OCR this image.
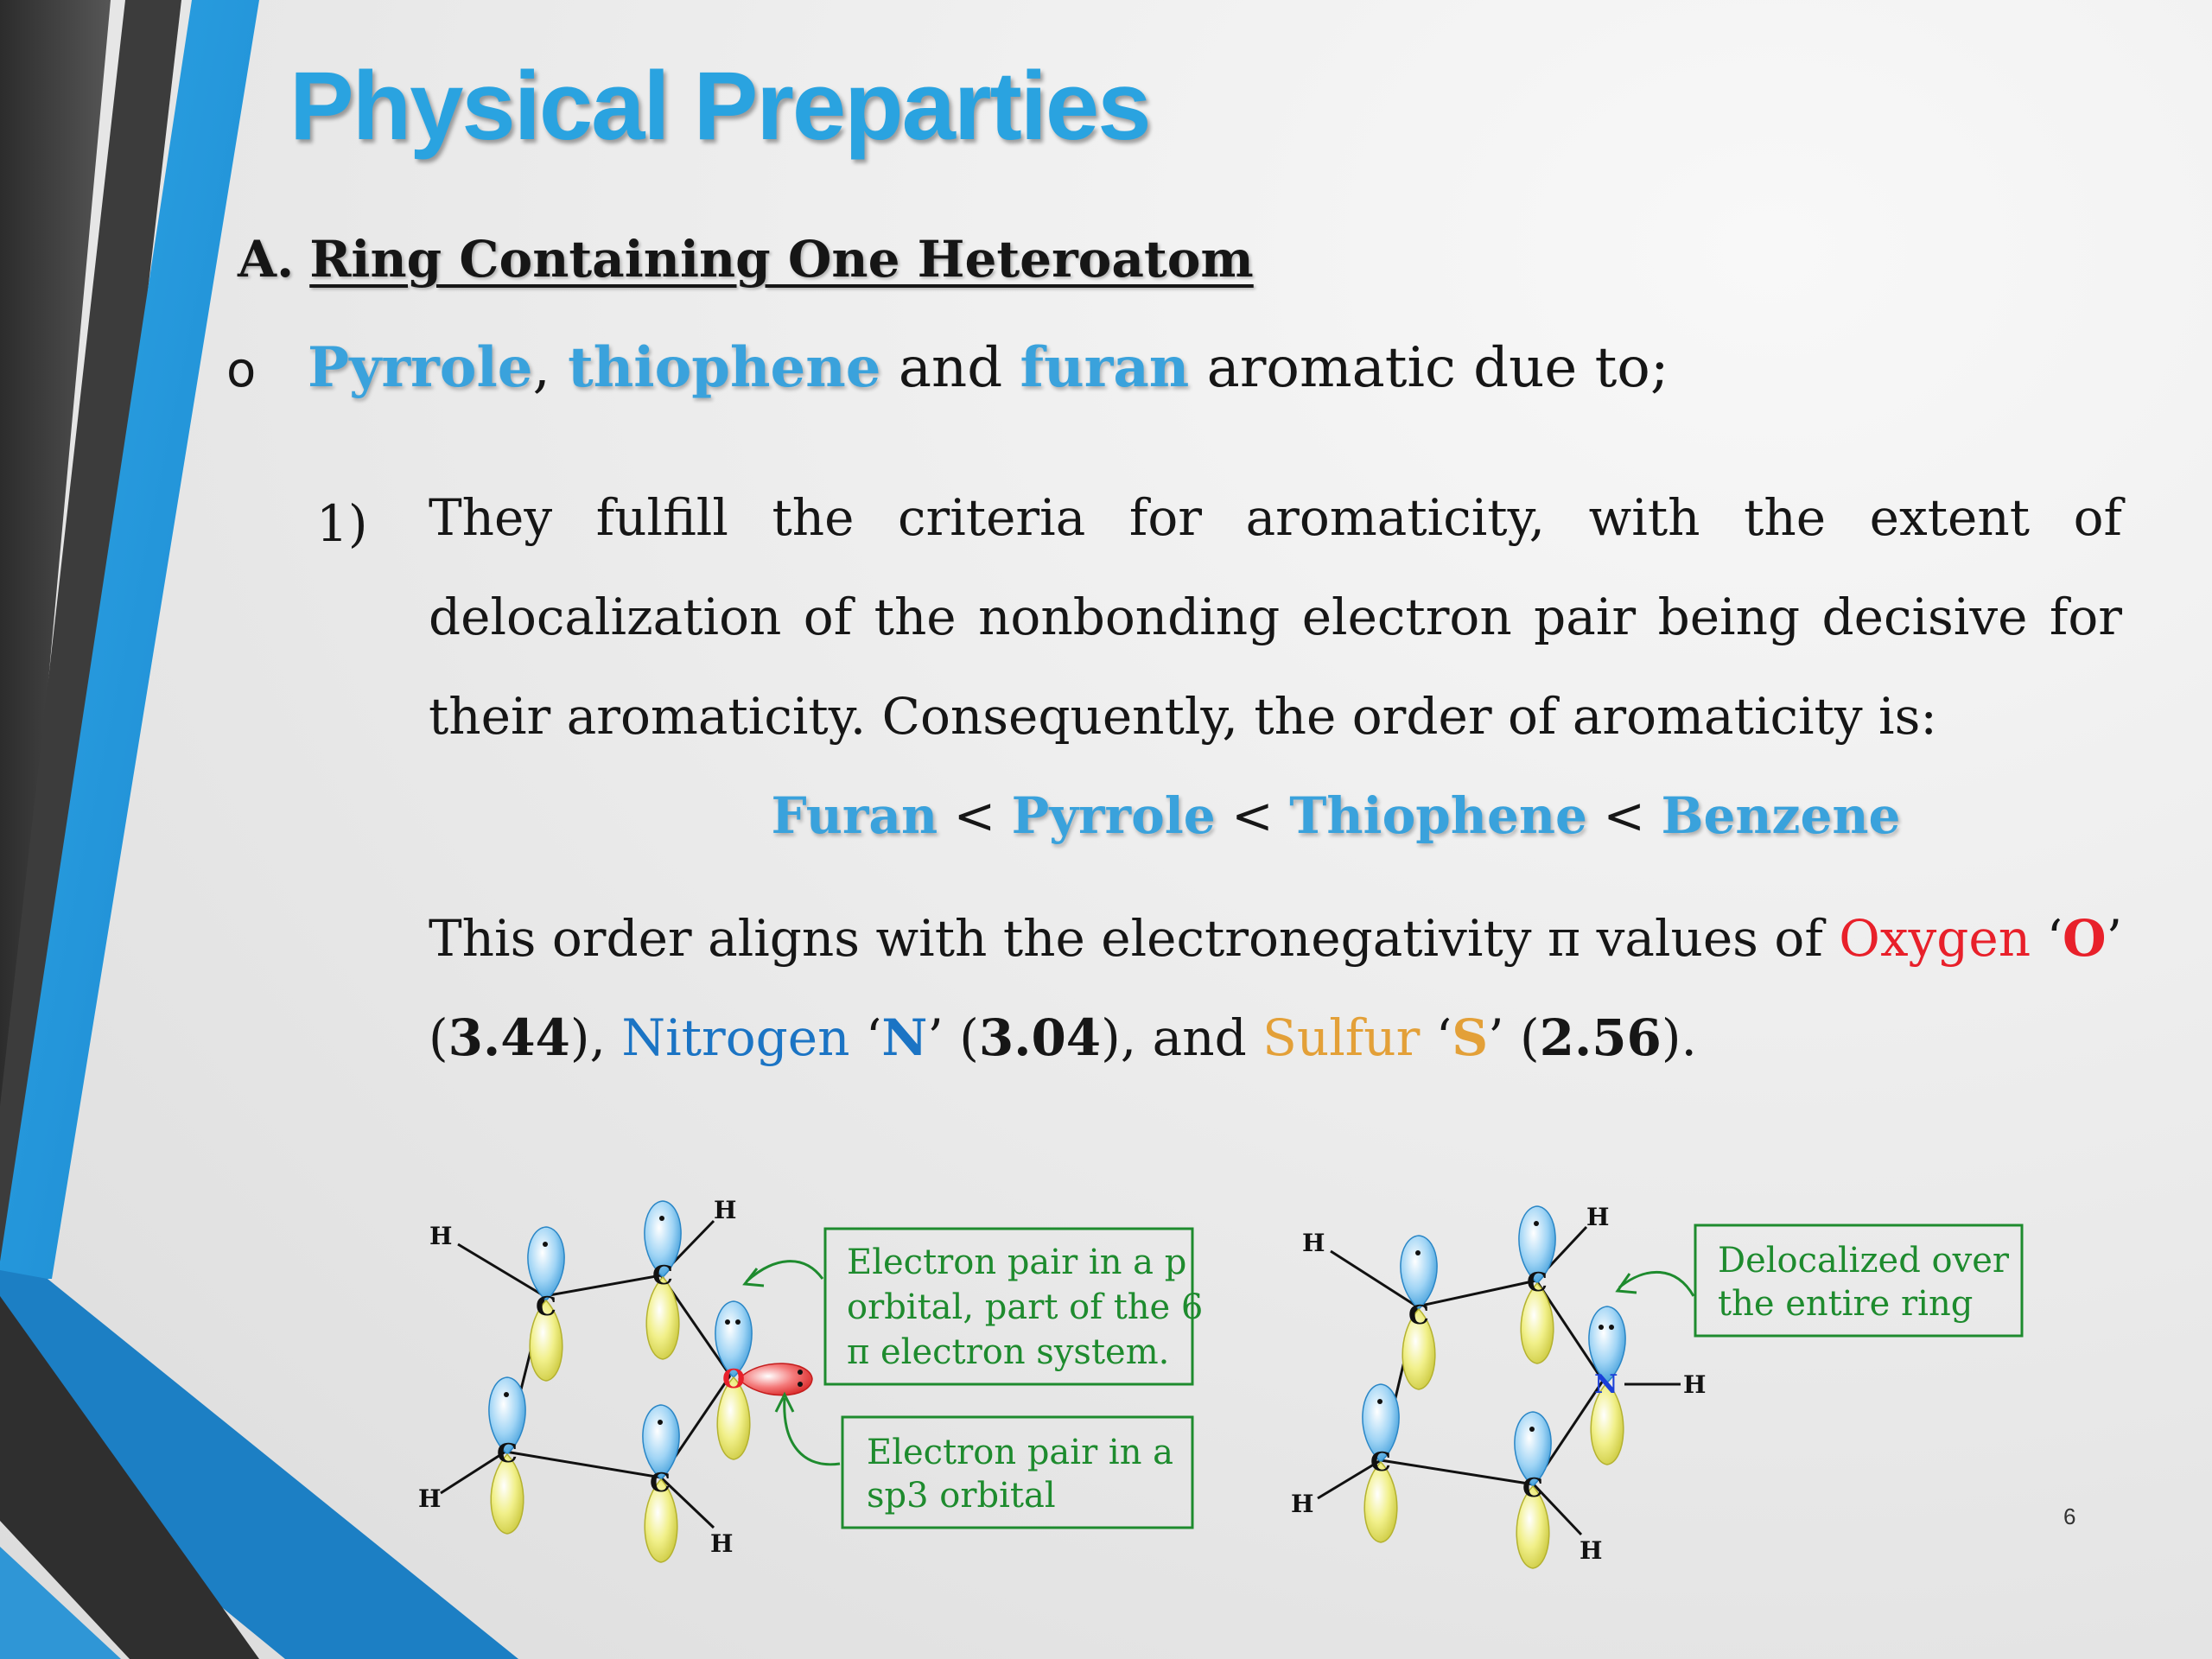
Physical Preparties
A. Ring Containing One Heteroatom
o Pyrrole, thiophene and furan aromatic due to;
1) They fulfill the criteria for aromaticity, with the extent of delocalization of the nonbonding electron pair being decisive for their aromaticity. Consequently, the order of aromaticity is:
Furan < Pyrrole < Thiophene < Benzene
This order aligns with the electronegativity π values of Oxygen ‘O’ (3.44), Nitrogen ‘N’ (3.04), and Sulfur ‘S’ (2.56).
C
C
C
C
O
H
H
H
H
Electron pair in a p orbital, part of the 6 π electron system.
Electron pair in a sp3 orbital
C
C
C
C
N
H
H
H
H
H
Delocalized over the entire ring
6
